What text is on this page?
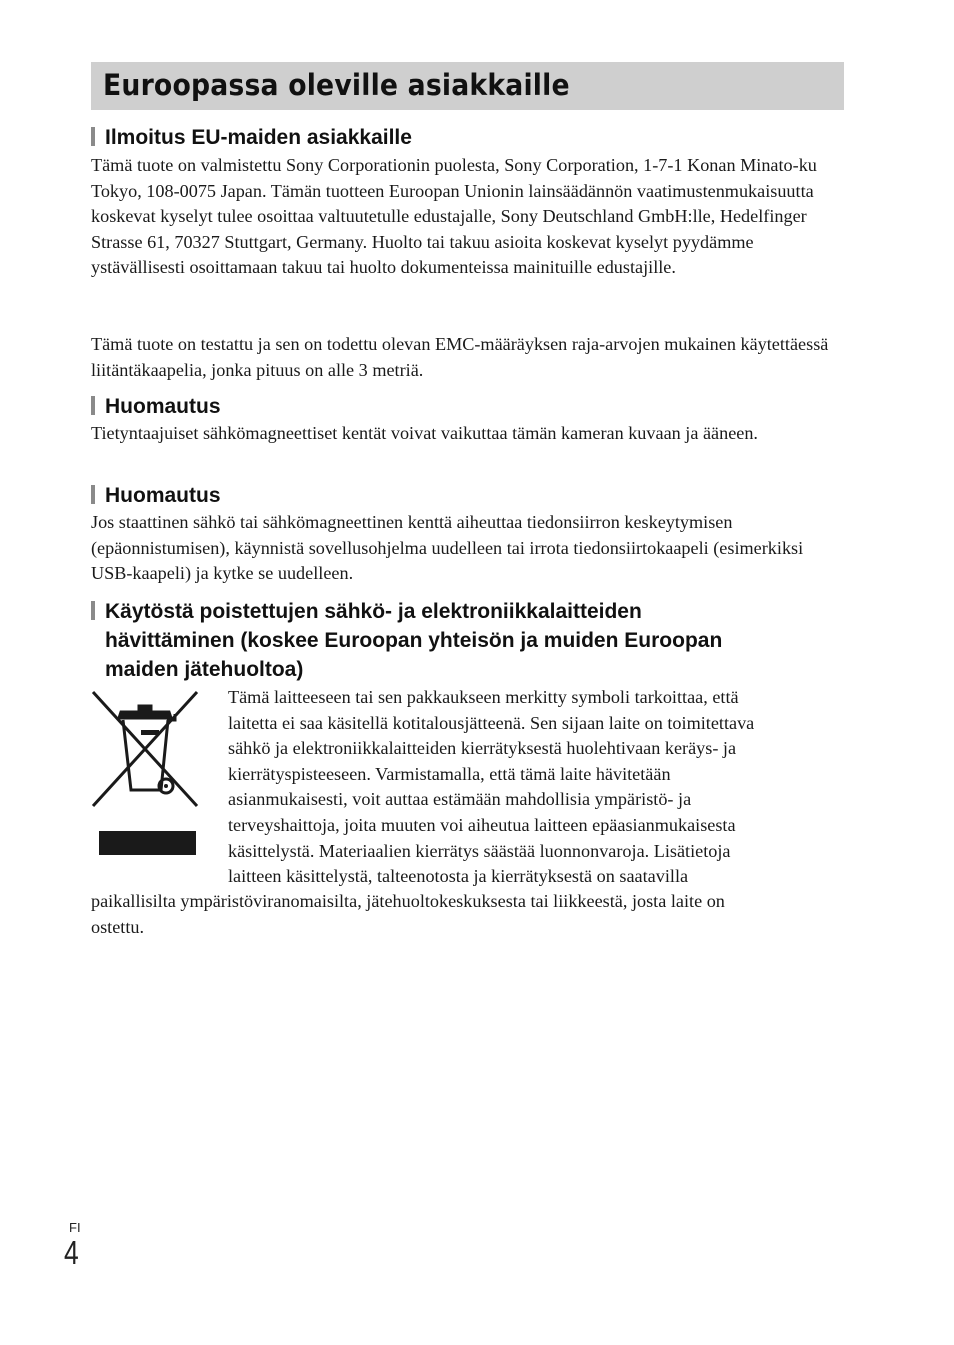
Euroopassa oleville asiakkaille
Ilmoitus EU-maiden asiakkaille
Tämä tuote on valmistettu Sony Corporationin puolesta, Sony Corporation, 1-7-1 Konan Minato-ku Tokyo, 108-0075 Japan. Tämän tuotteen Euroopan Unionin lainsäädännön vaatimustenmukaisuutta koskevat kyselyt tulee osoittaa valtuutetulle edustajalle, Sony Deutschland GmbH:lle, Hedelfinger Strasse 61, 70327 Stuttgart, Germany. Huolto tai takuu asioita koskevat kyselyt pyydämme ystävällisesti osoittamaan takuu tai huolto dokumenteissa mainituille edustajille.
Tämä tuote on testattu ja sen on todettu olevan EMC-määräyksen raja-arvojen mukainen käytettäessä liitäntäkaapelia, jonka pituus on alle 3 metriä.
Huomautus
Tietyntaajuiset sähkömagneettiset kentät voivat vaikuttaa tämän kameran kuvaan ja ääneen.
Huomautus
Jos staattinen sähkö tai sähkömagneettinen kenttä aiheuttaa tiedonsiirron keskeytymisen (epäonnistumisen), käynnistä sovellusohjelma uudelleen tai irrota tiedonsiirtokaapeli (esimerkiksi USB-kaapeli) ja kytke se uudelleen.
Käytöstä poistettujen sähkö- ja elektroniikkalaitteiden
hävittäminen (koskee Euroopan yhteisön ja muiden Euroopan
maiden jätehuoltoa)
Tämä laitteeseen tai sen pakkaukseen merkitty symboli tarkoittaa, että
laitetta ei saa käsitellä kotitalousjätteenä. Sen sijaan laite on toimitettava
sähkö ja elektroniikkalaitteiden kierrätyksestä huolehtivaan keräys- ja
kierrätyspisteeseen. Varmistamalla, että tämä laite hävitetään
asianmukaisesti, voit auttaa estämään mahdollisia ympäristö- ja
terveyshaittoja, joita muuten voi aiheutua laitteen epäasianmukaisesta
käsittelystä. Materiaalien kierrätys säästää luonnonvaroja. Lisätietoja
laitteen käsittelystä, talteenotosta ja kierrätyksestä on saatavilla
paikallisilta ympäristöviranomaisilta, jätehuoltokeskuksesta tai liikkeestä, josta laite on
ostettu.
FI
4
